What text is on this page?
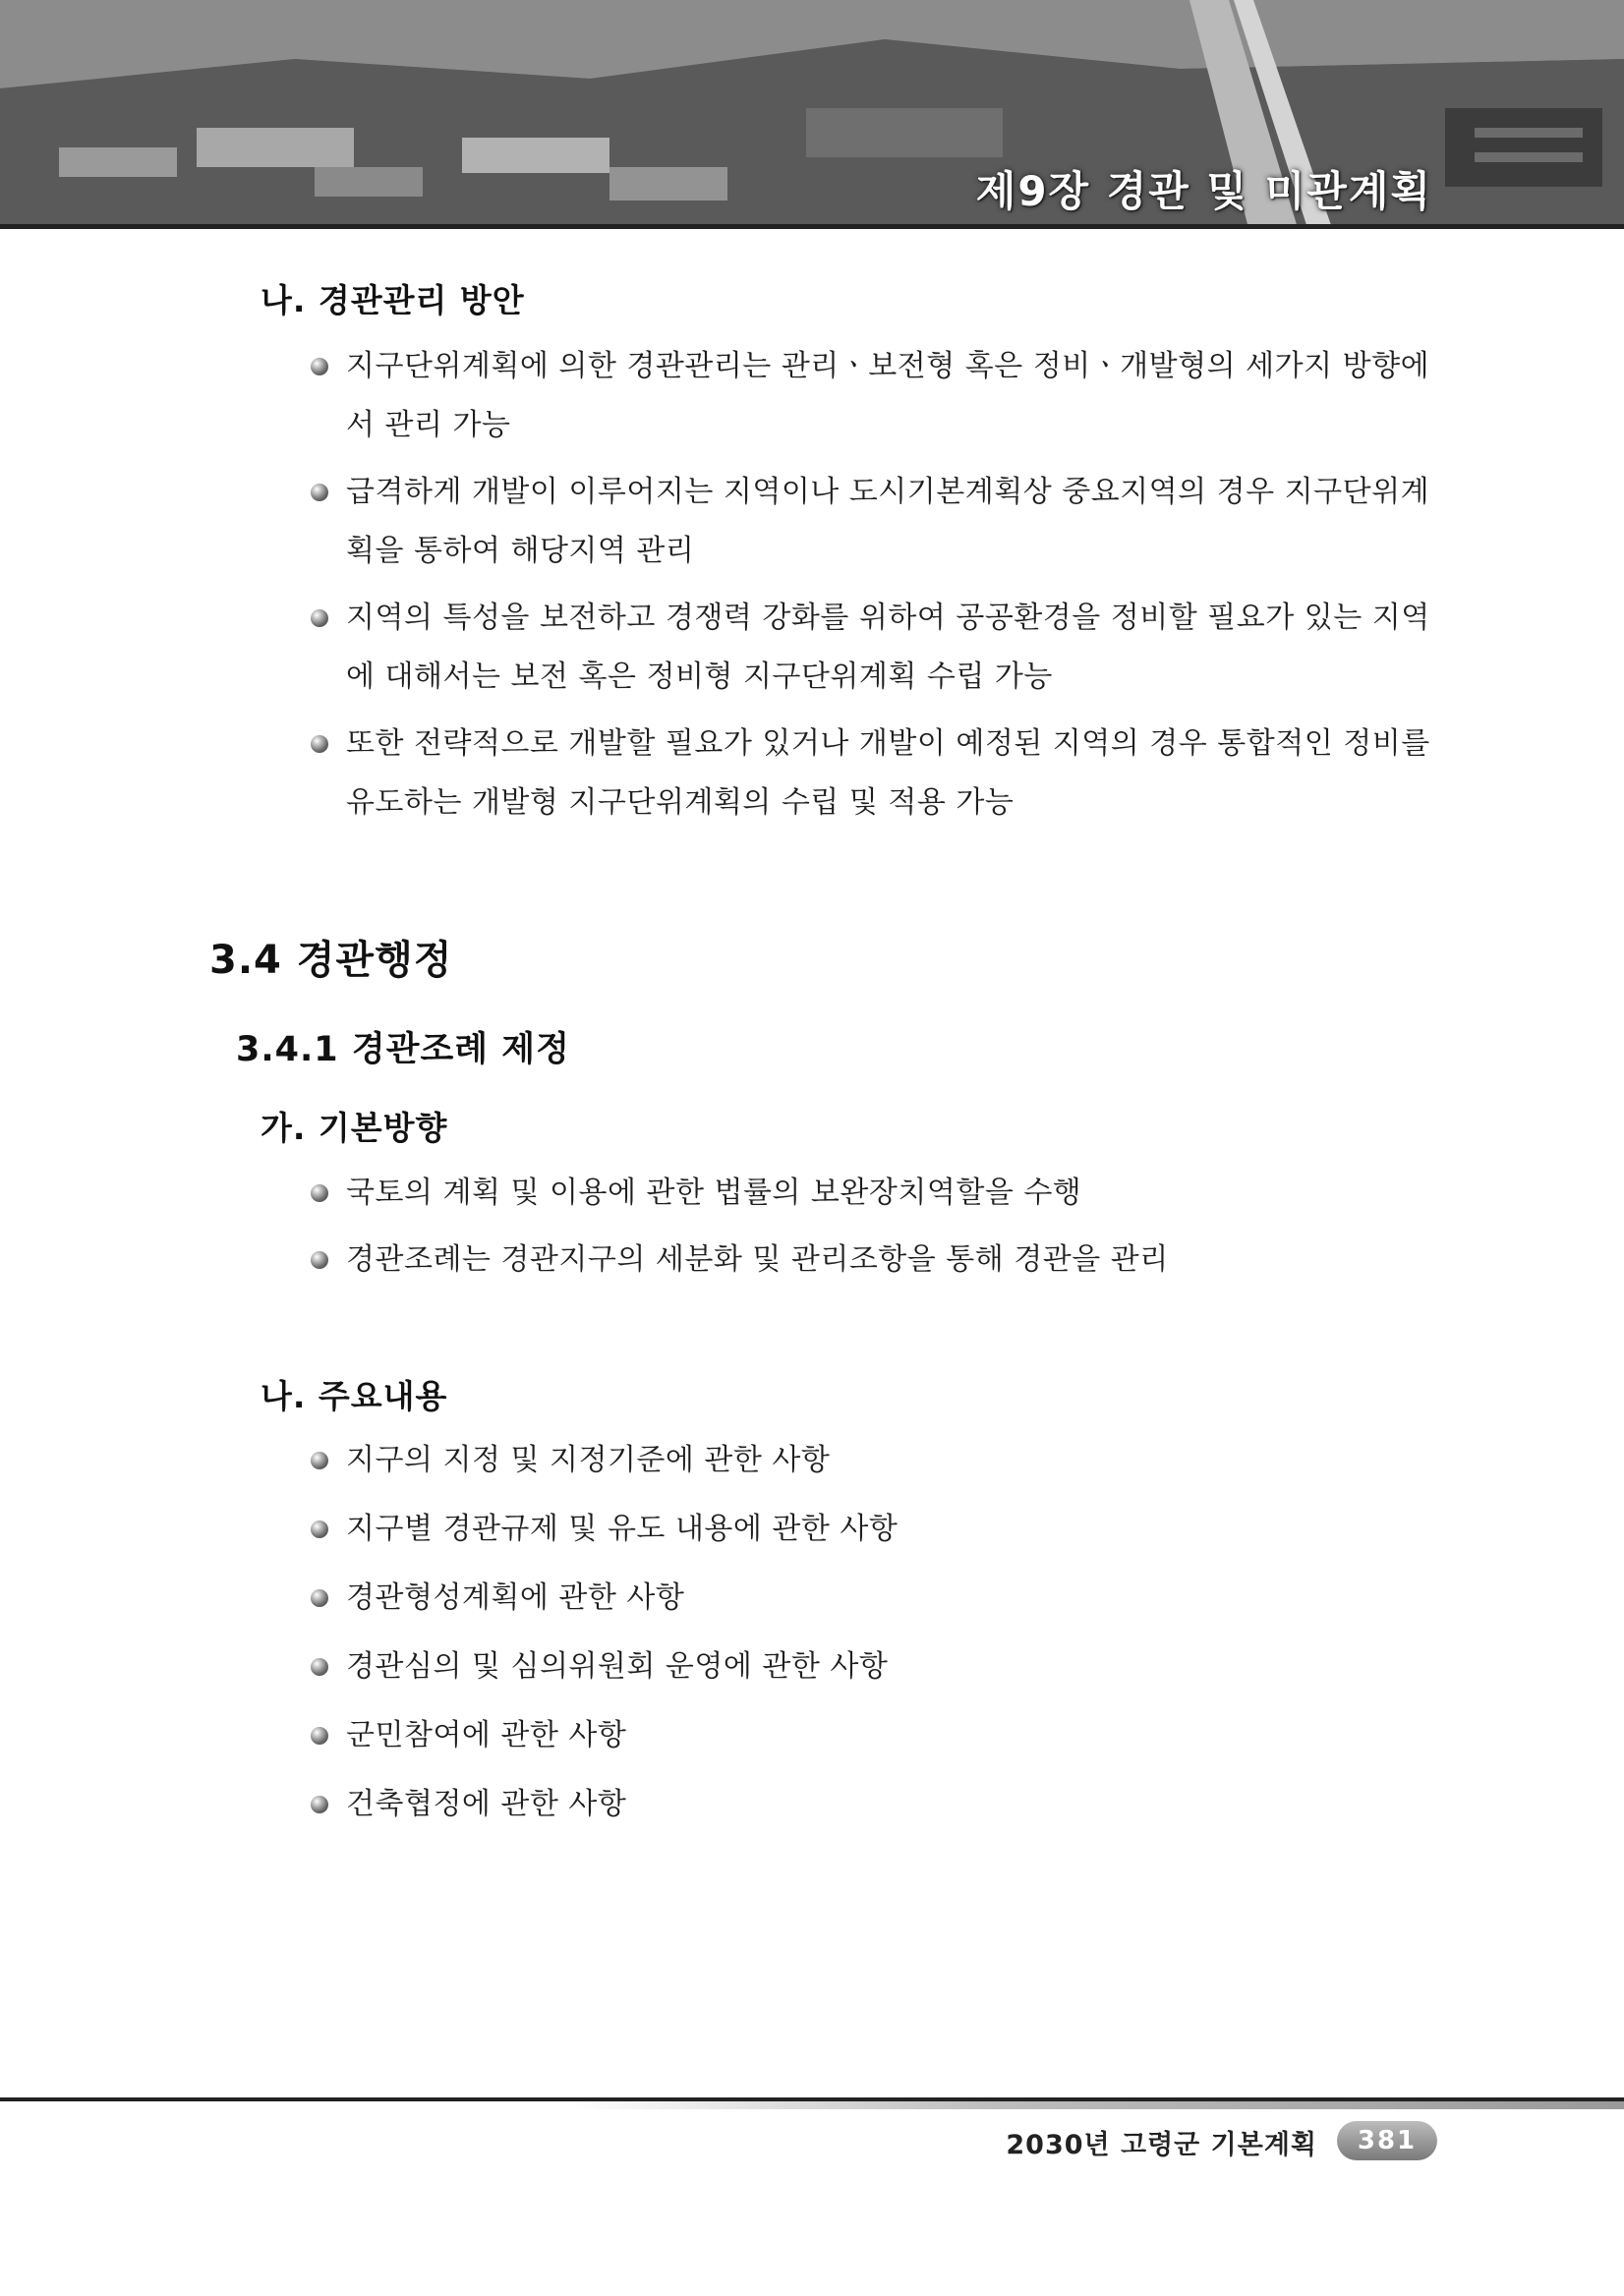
제9장 경관 및 미관계획
나. 경관관리 방안
지구단위계획에 의한 경관관리는 관리ㆍ보전형 혹은 정비ㆍ개발형의 세가지 방향에서 관리 가능
급격하게 개발이 이루어지는 지역이나 도시기본계획상 중요지역의 경우 지구단위계획을 통하여 해당지역 관리
지역의 특성을 보전하고 경쟁력 강화를 위하여 공공환경을 정비할 필요가 있는 지역에 대해서는 보전 혹은 정비형 지구단위계획 수립 가능
또한 전략적으로 개발할 필요가 있거나 개발이 예정된 지역의 경우 통합적인 정비를 유도하는 개발형 지구단위계획의 수립 및 적용 가능
3.4 경관행정
3.4.1 경관조례 제정
가. 기본방향
국토의 계획 및 이용에 관한 법률의 보완장치역할을 수행
경관조례는 경관지구의 세분화 및 관리조항을 통해 경관을 관리
나. 주요내용
지구의 지정 및 지정기준에 관한 사항
지구별 경관규제 및 유도 내용에 관한 사항
경관형성계획에 관한 사항
경관심의 및 심의위원회 운영에 관한 사항
군민참여에 관한 사항
건축협정에 관한 사항
2030년 고령군 기본계획	381
